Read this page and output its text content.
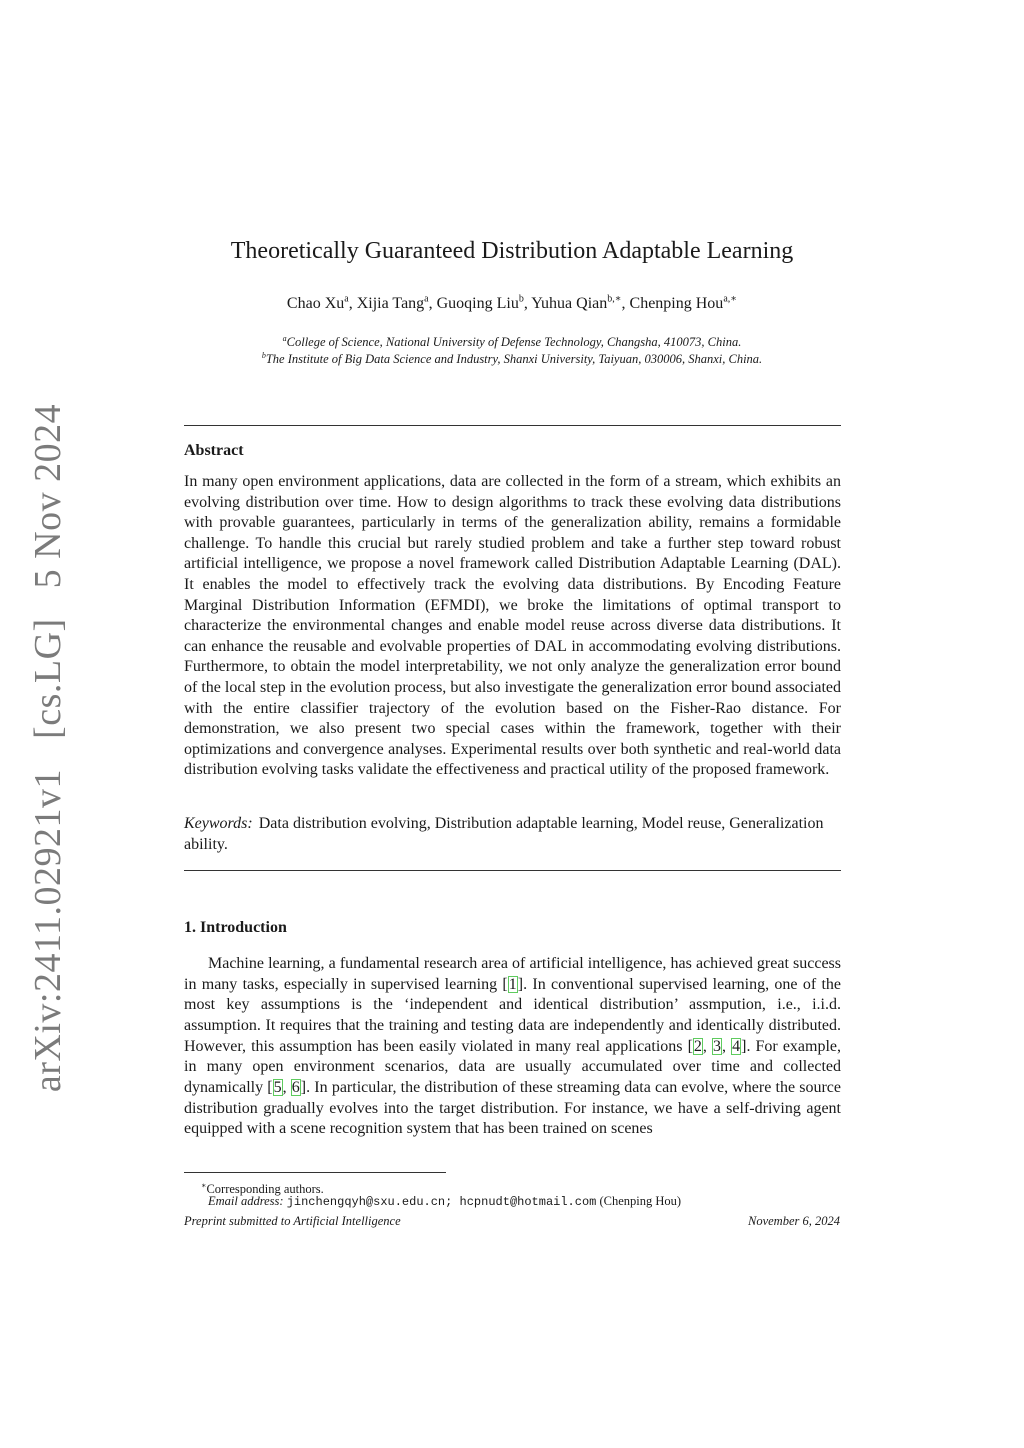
arXiv:2411.02921v1 [cs.LG] 5 Nov 2024
Theoretically Guaranteed Distribution Adaptable Learning
Chao Xu$^a$, Xijia Tang$^a$, Guoqing Liu$^b$, Yuhua Qian$^{b,∗}$, Chenping Hou$^{a,∗}$
$^a$College of Science, National University of Defense Technology, Changsha, 410073, China.
$^b$The Institute of Big Data Science and Industry, Shanxi University, Taiyuan, 030006, Shanxi, China.
Abstract

In many open environment applications, data are collected in the form of a stream, which exhibits an evolving distribution over time. How to design algorithms to track these evolving data distributions with provable guarantees, particularly in terms of the generalization ability, remains a formidable challenge. To handle this crucial but rarely studied problem and take a further step toward robust artificial intelligence, we propose a novel framework called Distribution Adaptable Learning (DAL). It enables the model to effectively track the evolving data distributions. By Encoding Feature Marginal Distribution Information (EFMDI), we broke the limitations of optimal transport to characterize the environmental changes and enable model reuse across diverse data distributions. It can enhance the reusable and evolvable properties of DAL in accommodating evolving distributions. Furthermore, to obtain the model interpretability, we not only analyze the generalization error bound of the local step in the evolution process, but also investigate the generalization error bound associated with the entire classifier trajectory of the evolution based on the Fisher-Rao distance. For demonstration, we also present two special cases within the framework, together with their optimizations and convergence analyses. Experimental results over both synthetic and real-world data distribution evolving tasks validate the effectiveness and practical utility of the proposed framework.

Keywords: Data distribution evolving, Distribution adaptable learning, Model reuse, Generalization ability.

1. Introduction

Machine learning, a fundamental research area of artificial intelligence, has achieved great success in many tasks, especially in supervised learning [1]. In conventional supervised learning, one of the most key assumptions is the ‘independent and identical distribution’ assmpution, i.e., i.i.d. assumption. It requires that the training and testing data are independently and identically distributed. However, this assumption has been easily violated in many real applications [2, 3, 4]. For example, in many open environment scenarios, data are usually accumulated over time and collected dynamically [5, 6]. In particular, the distribution of these streaming data can evolve, where the source distribution gradually evolves into the target distribution. For instance, we have a self-driving agent equipped with a scene recognition system that has been trained on scenes

∗Corresponding authors.
Email address: jinchengqyh@sxu.edu.cn; hcpnudt@hotmail.com (Chenping Hou)
Preprint submitted to Artificial Intelligence	November 6, 2024
